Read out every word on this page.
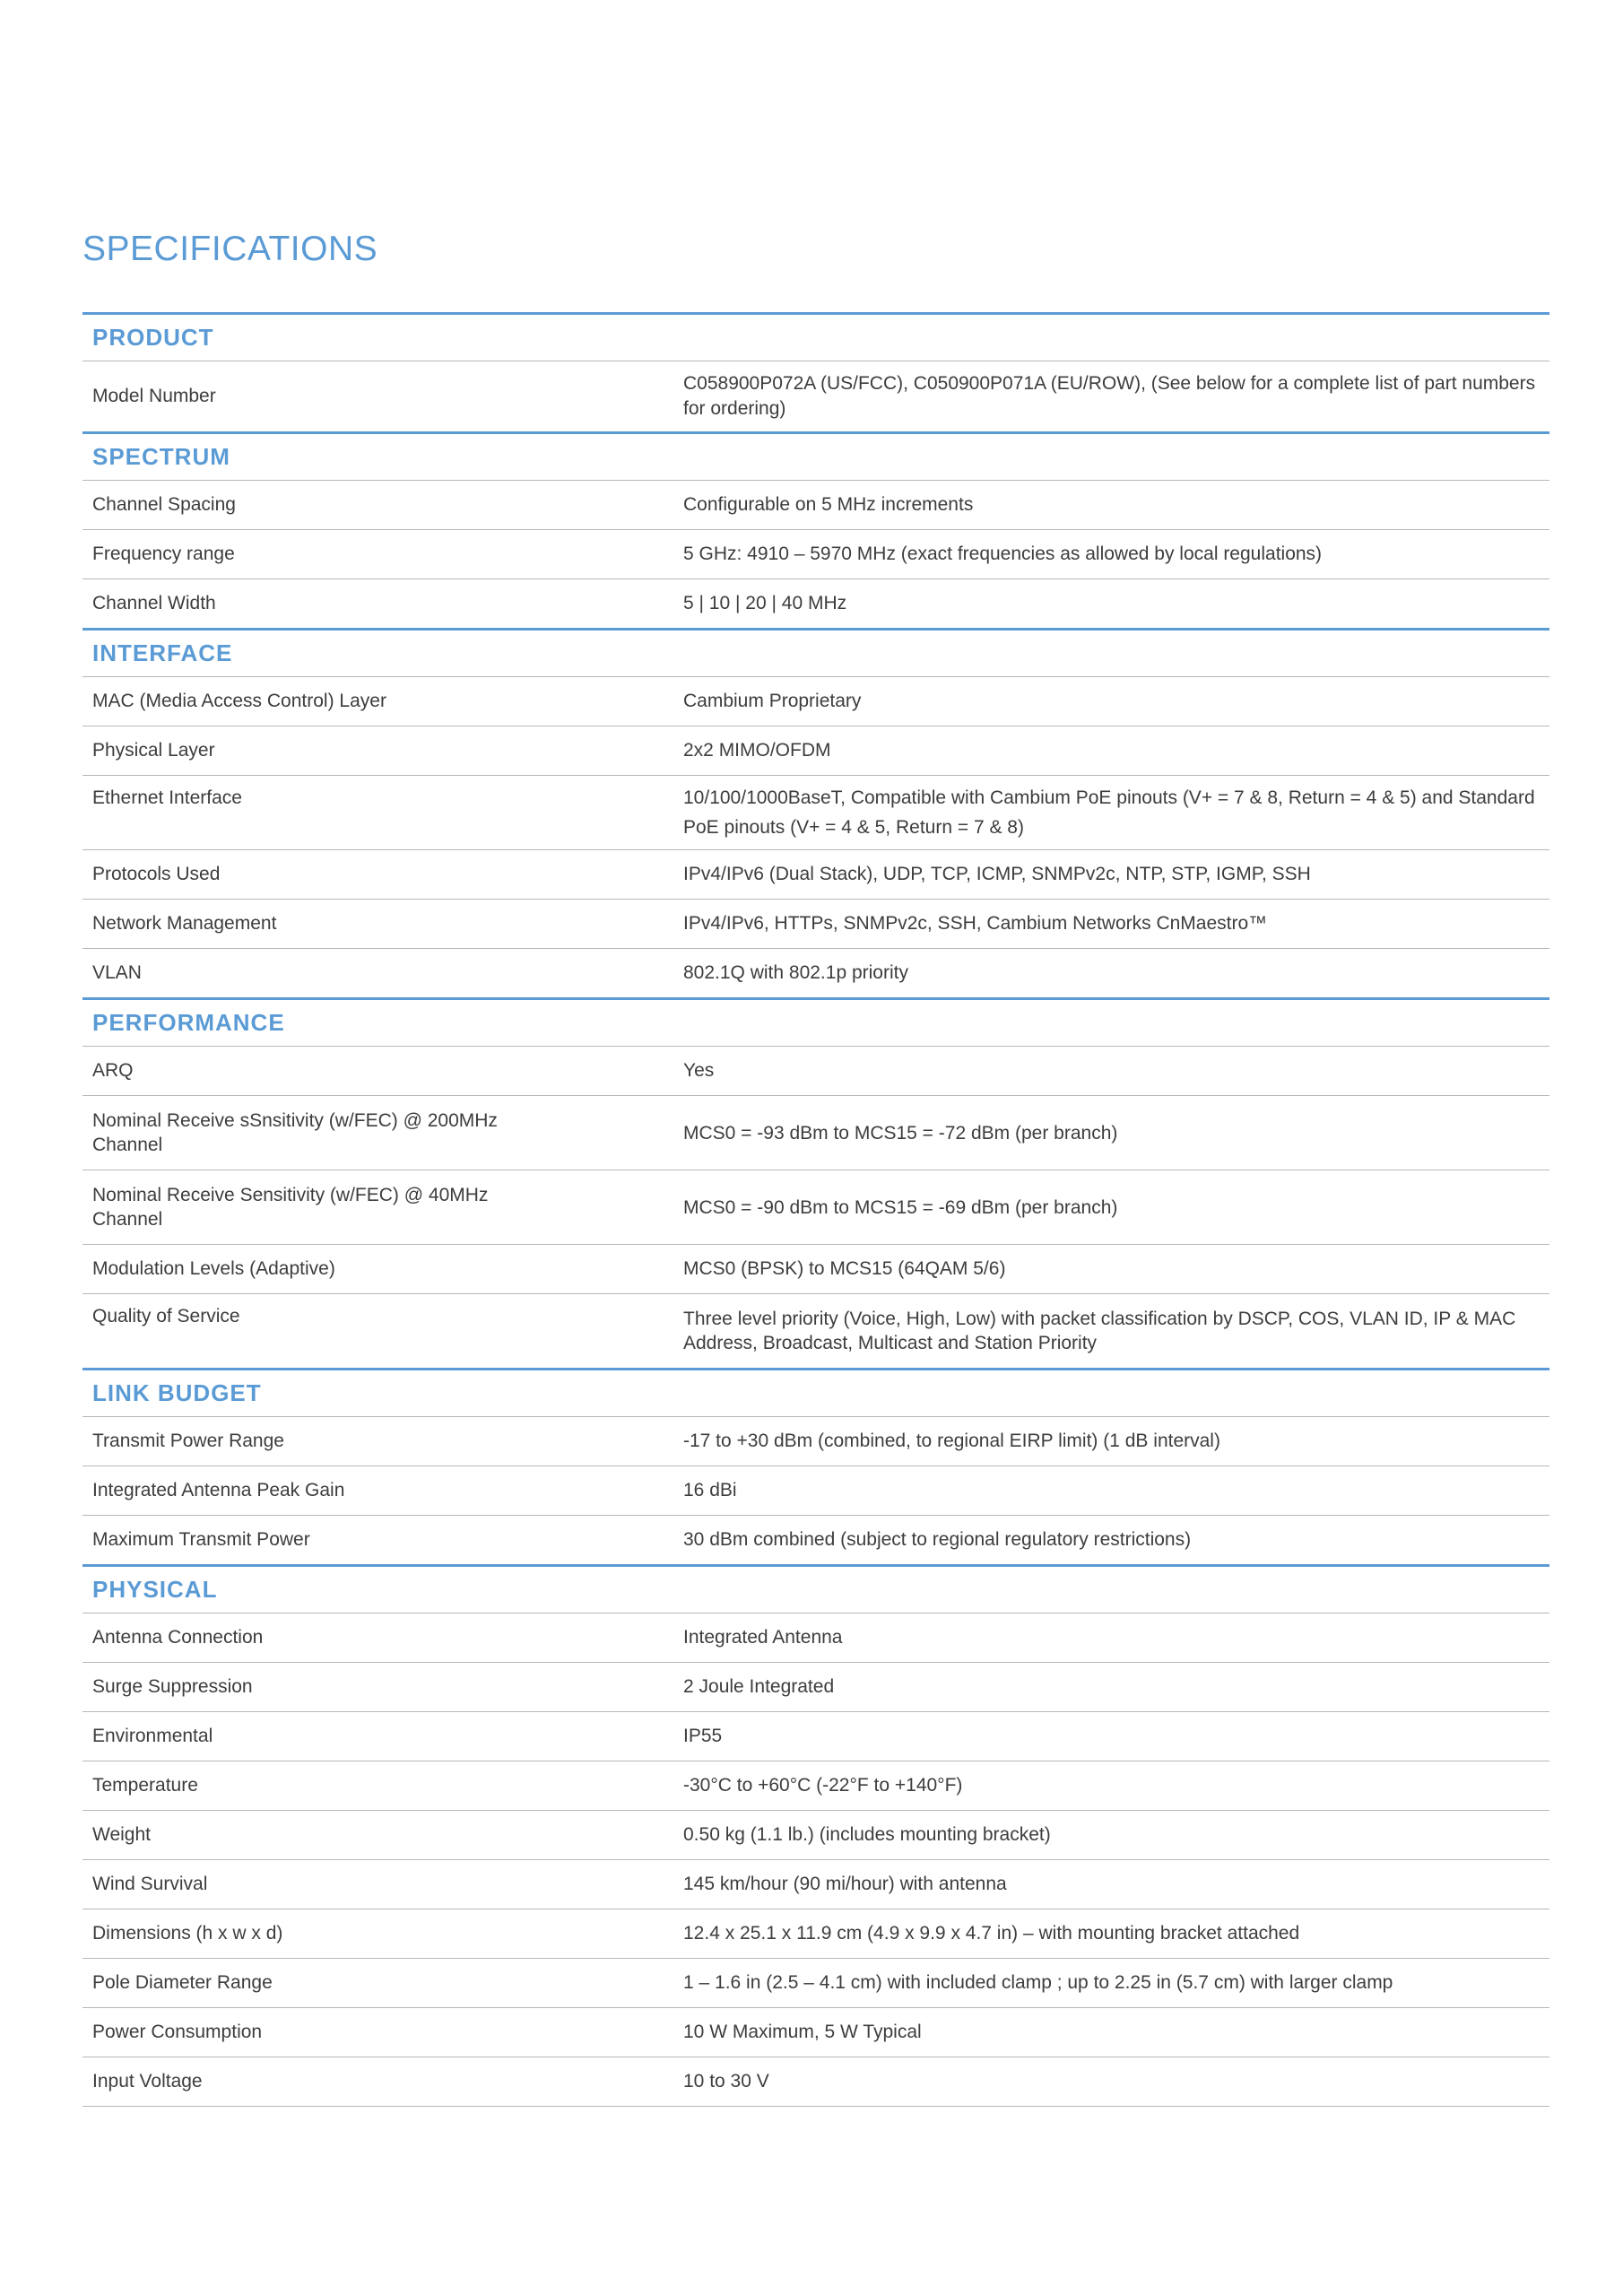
SPECIFICATIONS
PRODUCT	
Model Number	C058900P072A (US/FCC), C050900P071A (EU/ROW), (See below for a complete list of part numbers for ordering)
SPECTRUM	
Channel Spacing	Configurable on 5 MHz increments
Frequency range	5 GHz: 4910 – 5970 MHz (exact frequencies as allowed by local regulations)
Channel Width	5 | 10 | 20 | 40 MHz
INTERFACE	
MAC (Media Access Control) Layer	Cambium Proprietary
Physical Layer	2x2 MIMO/OFDM
Ethernet Interface	10/100/1000BaseT, Compatible with Cambium PoE pinouts (V+ = 7 & 8, Return = 4 & 5) and Standard PoE pinouts (V+ = 4 & 5, Return = 7 & 8)
Protocols Used	IPv4/IPv6 (Dual Stack), UDP, TCP, ICMP, SNMPv2c, NTP, STP, IGMP, SSH
Network Management	IPv4/IPv6, HTTPs, SNMPv2c, SSH, Cambium Networks CnMaestro™
VLAN	802.1Q with 802.1p priority
PERFORMANCE	
ARQ	Yes
Nominal Receive sSnsitivity (w/FEC) @ 200MHz Channel	MCS0 = -93 dBm to MCS15 = -72 dBm (per branch)
Nominal Receive Sensitivity (w/FEC) @ 40MHz Channel	MCS0 = -90 dBm to MCS15 = -69 dBm (per branch)
Modulation Levels (Adaptive)	MCS0 (BPSK) to MCS15 (64QAM 5/6)
Quality of Service	Three level priority (Voice, High, Low) with packet classification by DSCP, COS, VLAN ID, IP & MAC Address, Broadcast, Multicast and Station Priority
LINK BUDGET	
Transmit Power Range	-17 to +30 dBm (combined, to regional EIRP limit) (1 dB interval)
Integrated Antenna Peak Gain	16 dBi
Maximum Transmit Power	30 dBm combined (subject to regional regulatory restrictions)
PHYSICAL	
Antenna Connection	Integrated Antenna
Surge Suppression	2 Joule Integrated
Environmental	IP55
Temperature	-30°C to +60°C (-22°F to +140°F)
Weight	0.50 kg (1.1 lb.) (includes mounting bracket)
Wind Survival	145 km/hour (90 mi/hour) with antenna
Dimensions (h x w x d)	12.4 x 25.1 x 11.9 cm (4.9 x 9.9 x 4.7 in) – with mounting bracket attached
Pole Diameter Range	1 – 1.6 in (2.5 – 4.1 cm) with included clamp ; up to 2.25 in (5.7 cm) with larger clamp
Power Consumption	10 W Maximum, 5 W Typical
Input Voltage	10 to 30 V
